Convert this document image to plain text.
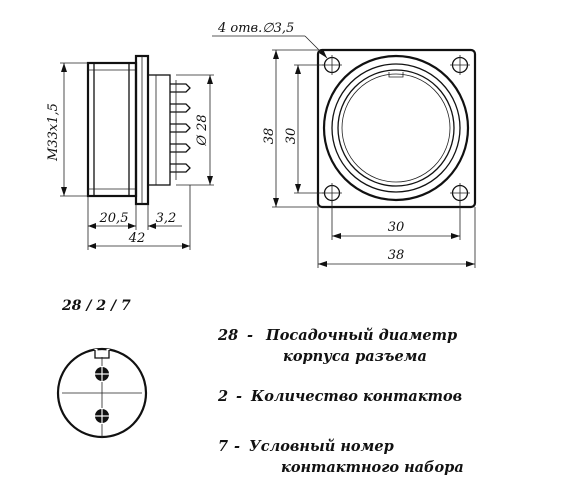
M33x1,5	Ø 28
20,5 3,2
42
4 отв.∅3,5
38 30
30
38
28 / 2 / 7
28 - Посадочный диаметр
корпуса разъема
2 - Количество контактов
7 - Условный номер
контактного набора
